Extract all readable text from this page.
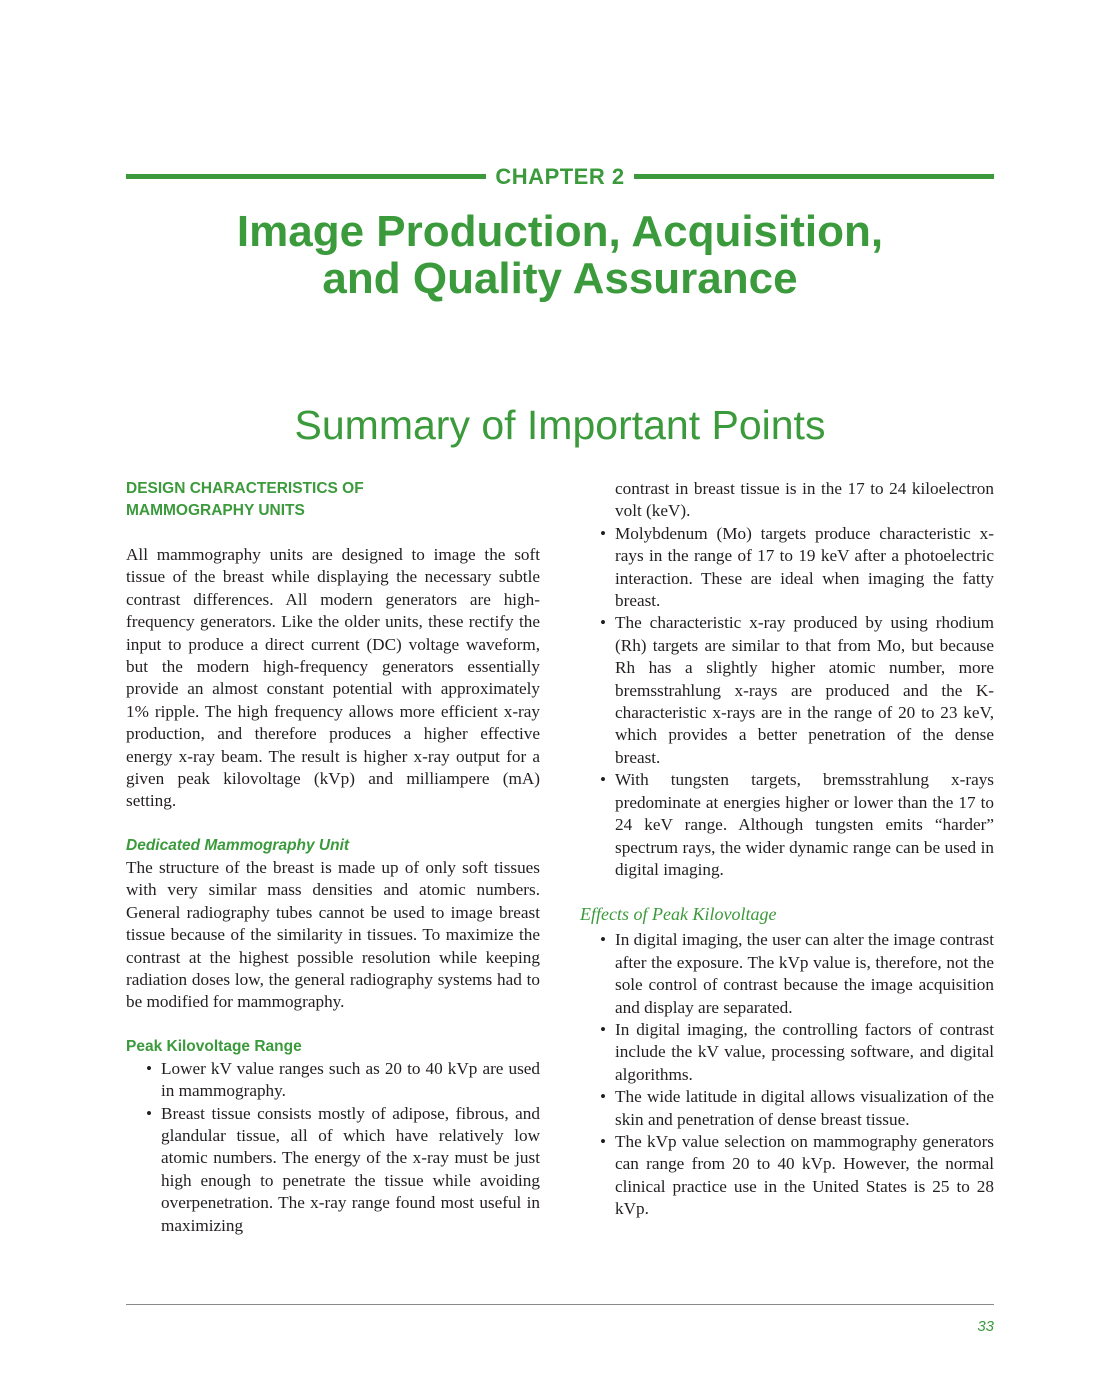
CHAPTER 2
Image Production, Acquisition,
and Quality Assurance
Summary of Important Points
DESIGN CHARACTERISTICS OF
MAMMOGRAPHY UNITS

All mammography units are designed to image the soft tissue of the breast while displaying the necessary subtle contrast differences. All modern generators are high-frequency generators. Like the older units, these rectify the input to produce a direct current (DC) voltage waveform, but the modern high-frequency generators essentially provide an almost constant potential with approximately 1% ripple. The high frequency allows more efficient x-ray production, and therefore produces a higher effective energy x-ray beam. The result is higher x-ray output for a given peak kilovoltage (kVp) and milliampere (mA) setting.

Dedicated Mammography Unit

The structure of the breast is made up of only soft tissues with very similar mass densities and atomic numbers. General radiography tubes cannot be used to image breast tissue because of the similarity in tissues. To maximize the contrast at the highest possible resolution while keeping radiation doses low, the general radiography systems had to be modified for mammography.

Peak Kilovoltage Range
• Lower kV value ranges such as 20 to 40 kVp are used in mammography.
• Breast tissue consists mostly of adipose, fibrous, and glandular tissue, all of which have relatively low atomic numbers. The energy of the x-ray must be just high enough to penetrate the tissue while avoiding overpenetration. The x-ray range found most useful in maximizing

contrast in breast tissue is in the 17 to 24 kiloelectron volt (keV).

• Molybdenum (Mo) targets produce characteristic x-rays in the range of 17 to 19 keV after a photoelectric interaction. These are ideal when imaging the fatty breast.
• The characteristic x-ray produced by using rhodium (Rh) targets are similar to that from Mo, but because Rh has a slightly higher atomic number, more bremsstrahlung x-rays are produced and the K-characteristic x-rays are in the range of 20 to 23 keV, which provides a better penetration of the dense breast.
• With tungsten targets, bremsstrahlung x-rays predominate at energies higher or lower than the 17 to 24 keV range. Although tungsten emits “harder” spectrum rays, the wider dynamic range can be used in digital imaging.
Effects of Peak Kilovoltage
• In digital imaging, the user can alter the image contrast after the exposure. The kVp value is, therefore, not the sole control of contrast because the image acquisition and display are separated.
• In digital imaging, the controlling factors of contrast include the kV value, processing software, and digital algorithms.
• The wide latitude in digital allows visualization of the skin and penetration of dense breast tissue.
• The kVp value selection on mammography generators can range from 20 to 40 kVp. However, the normal clinical practice use in the United States is 25 to 28 kVp.
33
